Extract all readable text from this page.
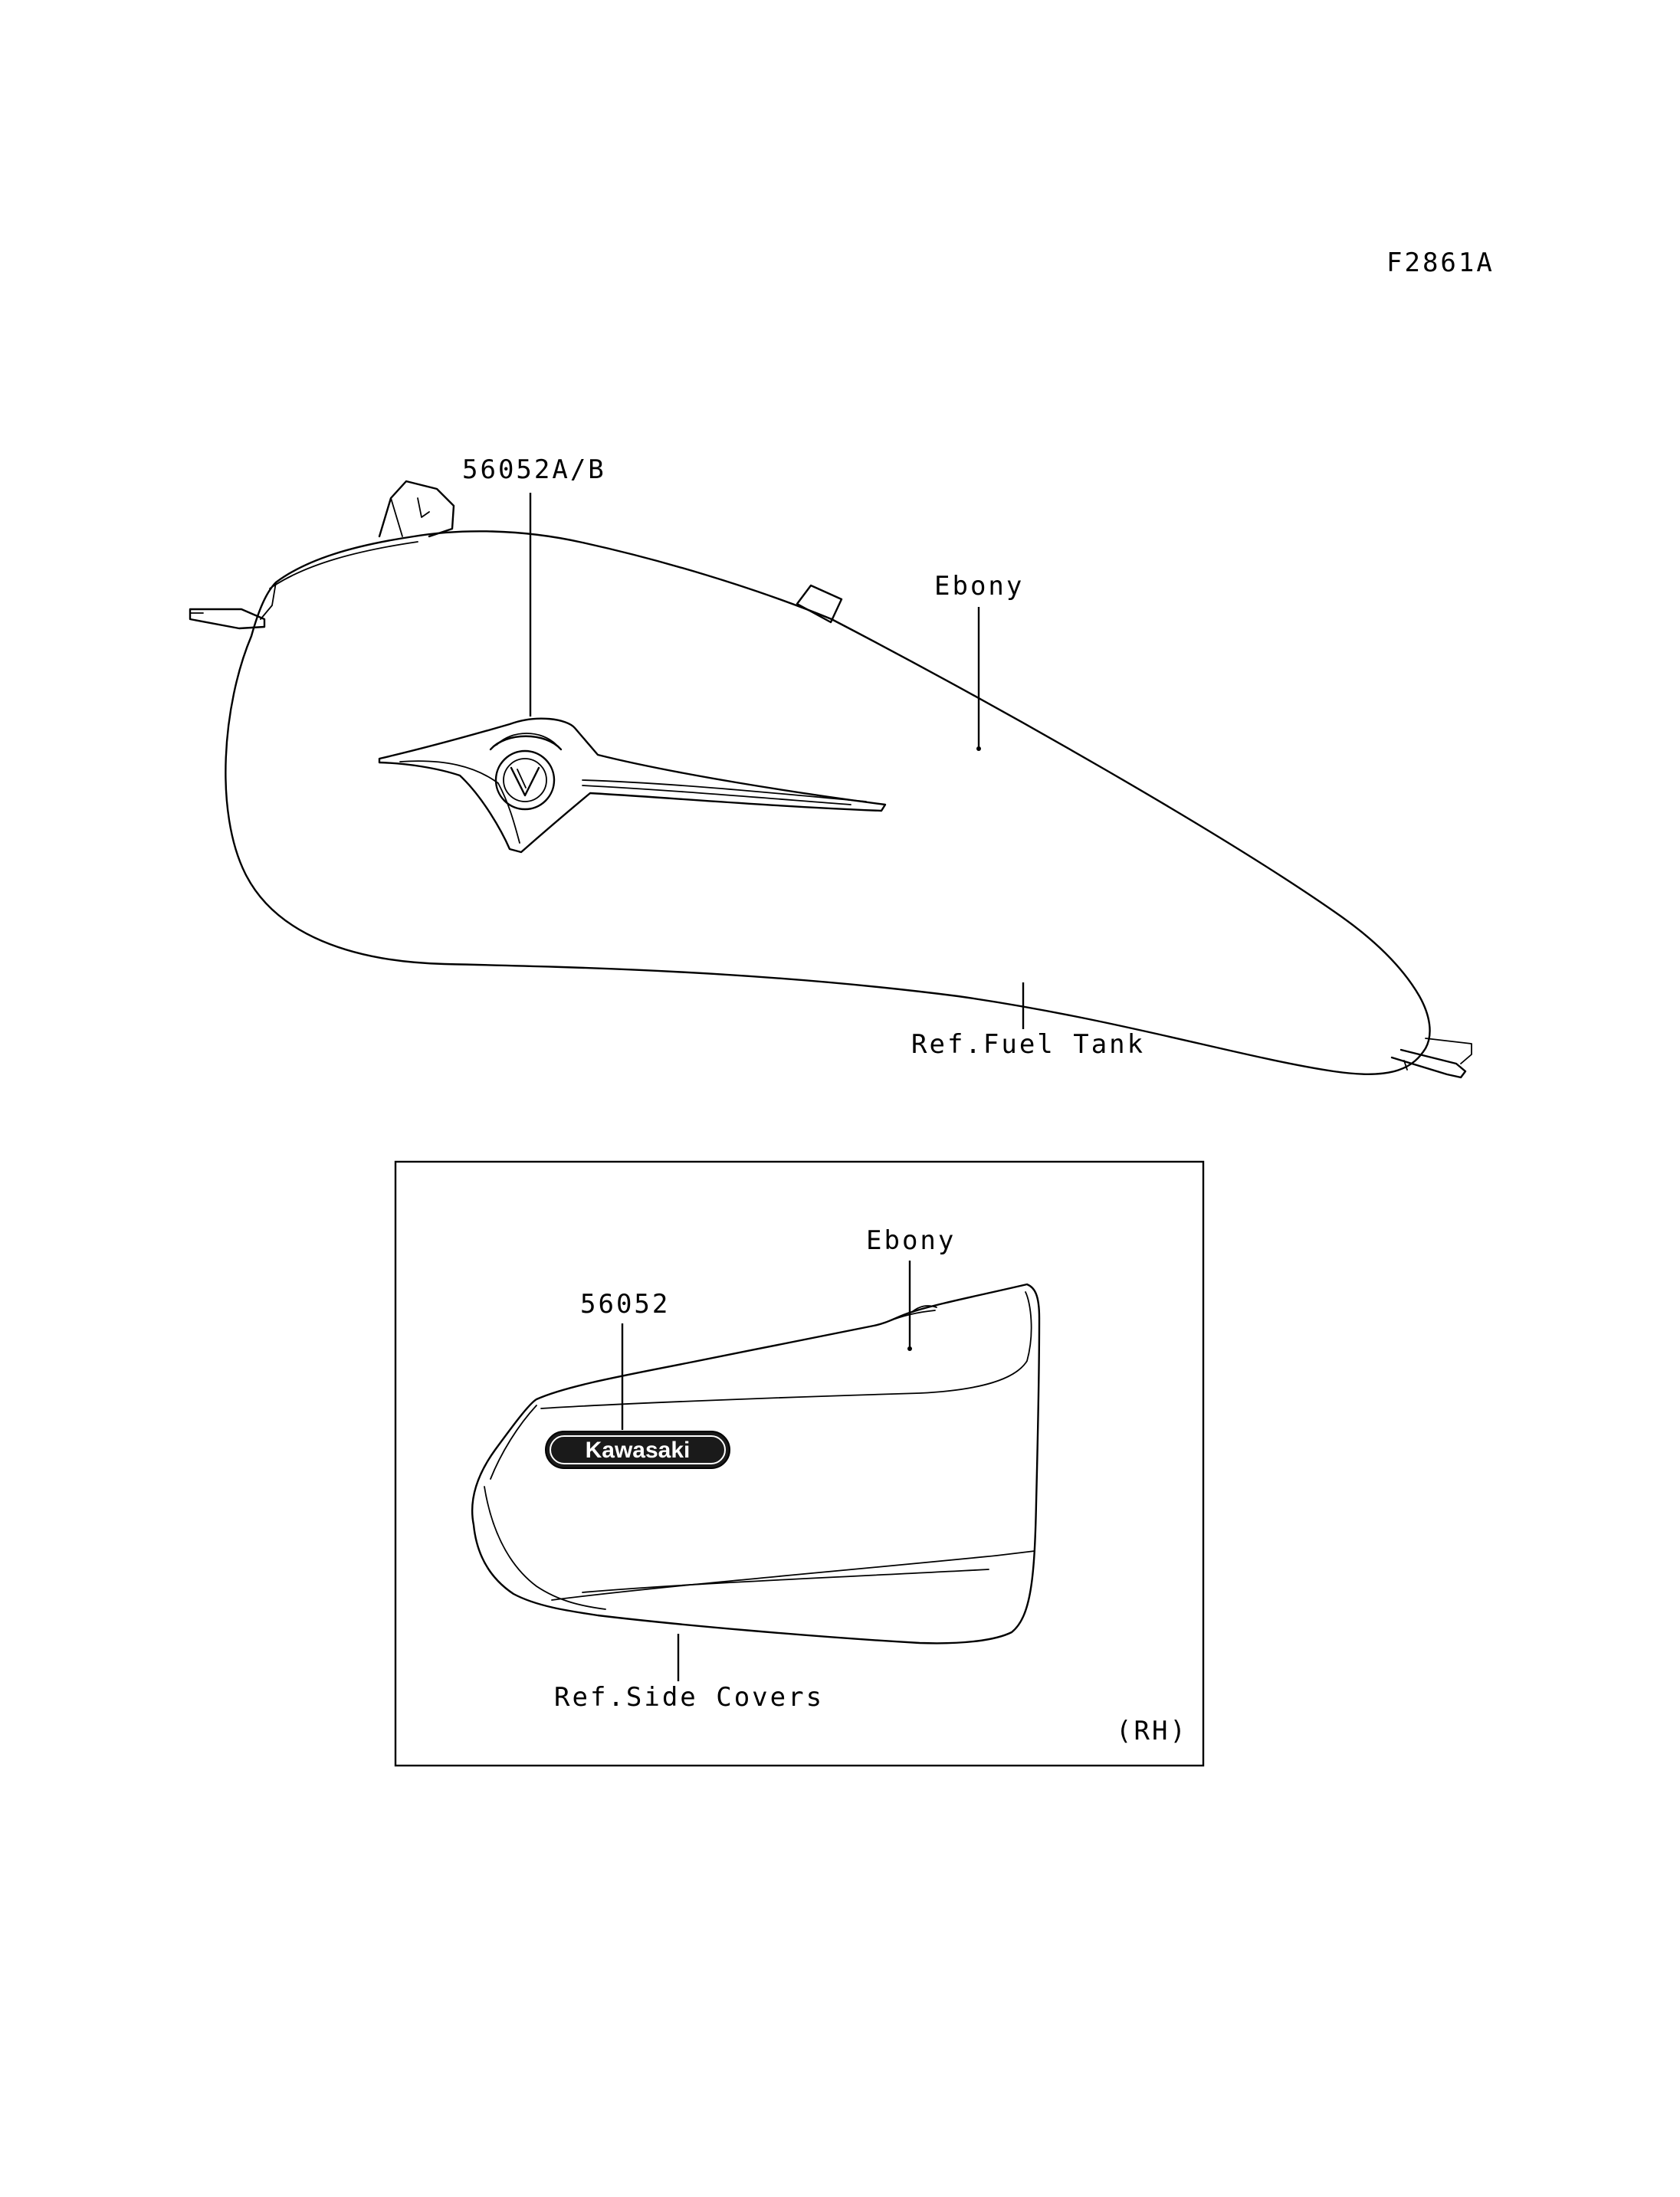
F2861A
56052A/B
Ebony
Ref.Fuel Tank
Kawasaki
56052
Ebony
Ref.Side Covers
(RH)
